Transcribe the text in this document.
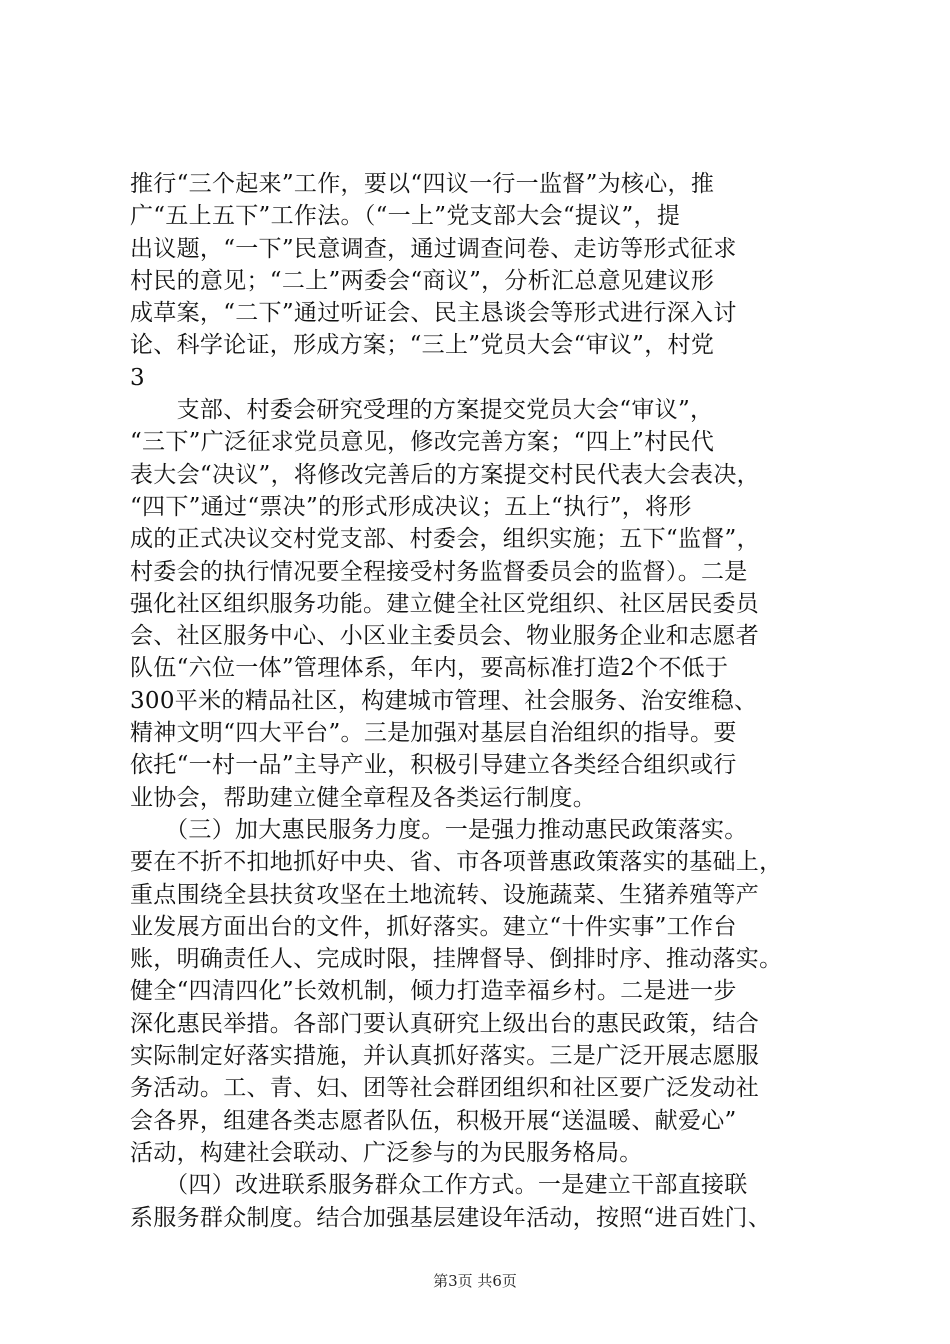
推行“三个起来”工作，要以“四议一行一监督”为核心，推
广“五上五下”工作法。（“一上”党支部大会“提议”，提
出议题，“一下”民意调查，通过调查问卷、走访等形式征求
村民的意见；“二上”两委会“商议”，分析汇总意见建议形
成草案，“二下”通过听证会、民主恳谈会等形式进行深入讨
论、科学论证，形成方案；“三上”党员大会“审议”，村党
3
　　支部、村委会研究受理的方案提交党员大会“审议”，
“三下”广泛征求党员意见，修改完善方案；“四上”村民代
表大会“决议”，将修改完善后的方案提交村民代表大会表决，
“四下”通过“票决”的形式形成决议；五上“执行”，将形
成的正式决议交村党支部、村委会，组织实施；五下“监督”，
村委会的执行情况要全程接受村务监督委员会的监督）。二是
强化社区组织服务功能。建立健全社区党组织、社区居民委员
会、社区服务中心、小区业主委员会、物业服务企业和志愿者
队伍“六位一体”管理体系，年内，要高标准打造2个不低于
300平米的精品社区，构建城市管理、社会服务、治安维稳、
精神文明“四大平台”。三是加强对基层自治组织的指导。要
依托“一村一品”主导产业，积极引导建立各类经合组织或行
业协会，帮助建立健全章程及各类运行制度。
　　（三）加大惠民服务力度。一是强力推动惠民政策落实。
要在不折不扣地抓好中央、省、市各项普惠政策落实的基础上，
重点围绕全县扶贫攻坚在土地流转、设施蔬菜、生猪养殖等产
业发展方面出台的文件，抓好落实。建立“十件实事”工作台
账，明确责任人、完成时限，挂牌督导、倒排时序、推动落实。
健全“四清四化”长效机制，倾力打造幸福乡村。二是进一步
深化惠民举措。各部门要认真研究上级出台的惠民政策，结合
实际制定好落实措施，并认真抓好落实。三是广泛开展志愿服
务活动。工、青、妇、团等社会群团组织和社区要广泛发动社
会各界，组建各类志愿者队伍，积极开展“送温暖、献爱心”
活动，构建社会联动、广泛参与的为民服务格局。
　　（四）改进联系服务群众工作方式。一是建立干部直接联
系服务群众制度。结合加强基层建设年活动，按照“进百姓门、
第3页 共6页
